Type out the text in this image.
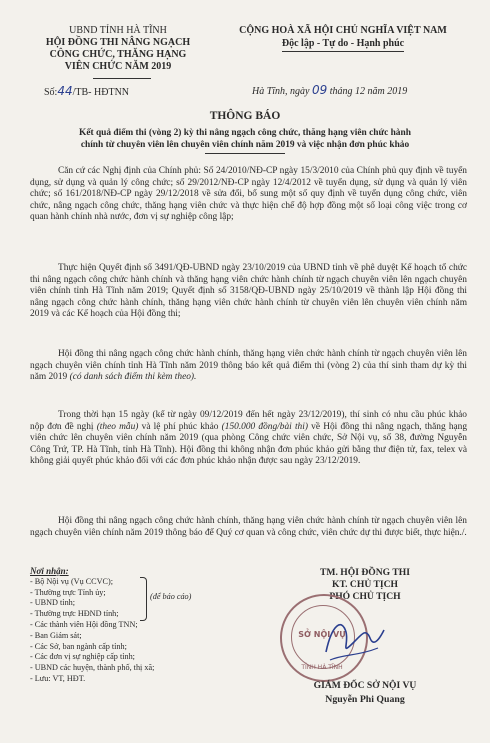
UBND TỈNH HÀ TĨNH
HỘI ĐỒNG THI NÂNG NGẠCH
CÔNG CHỨC, THĂNG HẠNG
VIÊN CHỨC NĂM 2019
Số:44/TB- HĐTNN
CỘNG HOÀ XÃ HỘI CHỦ NGHĨA VIỆT NAM
Độc lập - Tự do - Hạnh phúc
Hà Tĩnh, ngày 09 tháng 12 năm 2019
THÔNG BÁO
Kết quả điểm thi (vòng 2) kỳ thi nâng ngạch công chức, thăng hạng viên chức hành
chính từ chuyên viên lên chuyên viên chính năm 2019 và việc nhận đơn phúc khảo
Căn cứ các Nghị định của Chính phủ: Số 24/2010/NĐ-CP ngày 15/3/2010 của Chính phủ quy định về tuyển dụng, sử dụng và quản lý công chức; số 29/2012/NĐ-CP ngày 12/4/2012 về tuyển dụng, sử dụng và quản lý viên chức; số 161/2018/NĐ-CP ngày 29/12/2018 về sửa đổi, bổ sung một số quy định về tuyển dụng công chức, viên chức, nâng ngạch công chức, thăng hạng viên chức và thực hiện chế độ hợp đồng một số loại công việc trong cơ quan hành chính nhà nước, đơn vị sự nghiệp công lập;
Thực hiện Quyết định số 3491/QĐ-UBND ngày 23/10/2019 của UBND tỉnh về phê duyệt Kế hoạch tổ chức thi nâng ngạch công chức hành chính và thăng hạng viên chức hành chính từ ngạch chuyên viên lên ngạch chuyên viên chính tỉnh Hà Tĩnh năm 2019; Quyết định số 3158/QĐ-UBND ngày 25/10/2019 về thành lập Hội đồng thi nâng ngạch công chức hành chính, thăng hạng viên chức hành chính từ chuyên viên lên chuyên viên chính năm 2019 và các Kế hoạch của Hội đồng thi;
Hội đồng thi nâng ngạch công chức hành chính, thăng hạng viên chức hành chính từ ngạch chuyên viên lên ngạch chuyên viên chính tỉnh Hà Tĩnh năm 2019 thông báo kết quả điểm thi (vòng 2) của thí sinh tham dự kỳ thi năm 2019 (có danh sách điểm thi kèm theo).
Trong thời hạn 15 ngày (kể từ ngày 09/12/2019 đến hết ngày 23/12/2019), thí sinh có nhu cầu phúc khảo nộp đơn đề nghị (theo mẫu) và lệ phí phúc khảo (150.000 đồng/bài thi) về Hội đồng thi nâng ngạch, thăng hạng viên chức lên chuyên viên chính năm 2019 (qua phòng Công chức viên chức, Sở Nội vụ, số 38, đường Nguyễn Công Trứ, TP. Hà Tĩnh, tỉnh Hà Tĩnh). Hội đồng thi không nhận đơn phúc khảo gửi bằng thư điện tử, fax, telex và không giải quyết phúc khảo đối với các đơn phúc khảo nhận được sau ngày 23/12/2019.
Hội đồng thi nâng ngạch công chức hành chính, thăng hạng viên chức hành chính từ ngạch chuyên viên lên ngạch chuyên viên chính năm 2019 thông báo để Quý cơ quan và công chức, viên chức dự thi được biết, thực hiện./.
Nơi nhận:
- Bộ Nội vụ (Vụ CCVC);
- Thường trực Tỉnh ủy;
- UBND tỉnh;
- Thường trực HĐND tỉnh;
- Các thành viên Hội đồng TNN;
- Ban Giám sát;
- Các Sở, ban ngành cấp tỉnh;
- Các đơn vị sự nghiệp cấp tỉnh;
- UBND các huyện, thành phố, thị xã;
- Lưu: VT, HĐT.
(để báo cáo)
TM. HỘI ĐỒNG THI
KT. CHỦ TỊCH
PHÓ CHỦ TỊCH
SỞ NỘI VỤ
TỈNH HÀ TĨNH
GIÁM ĐỐC SỞ NỘI VỤ
Nguyễn Phi Quang
